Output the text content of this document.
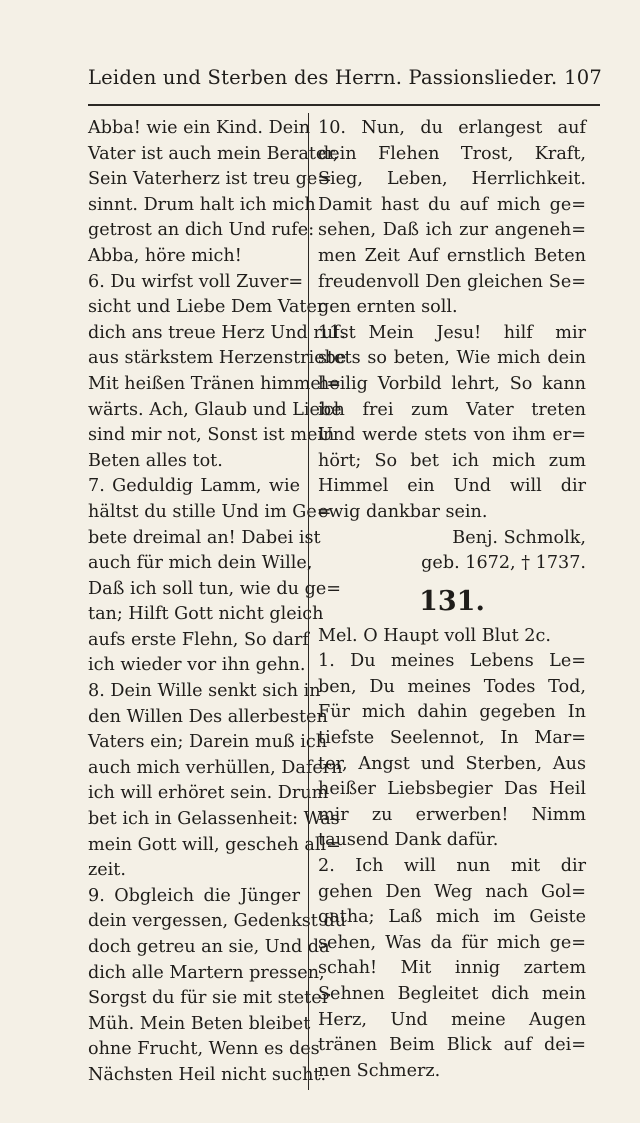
Leiden und Sterben des Herrn. Passionslieder. 107
Abba! wie ein Kind. Dein
Vater ist auch mein Berater,
Sein Vaterherz ist treu ge=
sinnt. Drum halt ich mich
getrost an dich Und rufe:
Abba, höre mich!
6. Du wirfst voll Zuver=
sicht und Liebe Dem Vater
dich ans treue Herz Und rufst
aus stärkstem Herzenstriebe
Mit heißen Tränen himmel=
wärts. Ach, Glaub und Liebe
sind mir not, Sonst ist mein
Beten alles tot.
7. Geduldig Lamm, wie
hältst du stille Und im Ge=
bete dreimal an! Dabei ist
auch für mich dein Wille,
Daß ich soll tun, wie du ge=
tan; Hilft Gott nicht gleich
aufs erste Flehn, So darf
ich wieder vor ihn gehn.
8. Dein Wille senkt sich in
den Willen Des allerbesten
Vaters ein; Darein muß ich
auch mich verhüllen, Dafern
ich will erhöret sein. Drum
bet ich in Gelassenheit: Was
mein Gott will, gescheh all=
zeit.
9. Obgleich die Jünger
dein vergessen, Gedenkst du
doch getreu an sie, Und da
dich alle Martern pressen,
Sorgst du für sie mit steter
Müh. Mein Beten bleibet
ohne Frucht, Wenn es des
Nächsten Heil nicht sucht.
10. Nun, du erlangest auf
dein Flehen Trost, Kraft,
Sieg, Leben, Herrlichkeit.
Damit hast du auf mich ge=
sehen, Daß ich zur angeneh=
men Zeit Auf ernstlich Beten
freudenvoll Den gleichen Se=
gen ernten soll.
11. Mein Jesu! hilf mir
stets so beten, Wie mich dein
heilig Vorbild lehrt, So kann
ich frei zum Vater treten
Und werde stets von ihm er=
hört; So bet ich mich zum
Himmel ein Und will dir
ewig dankbar sein.
Benj. Schmolk,
geb. 1672, † 1737.
131.
Mel. O Haupt voll Blut 2c.
1. Du meines Lebens Le=
ben, Du meines Todes Tod,
Für mich dahin gegeben In
tiefste Seelennot, In Mar=
ter, Angst und Sterben, Aus
heißer Liebsbegier Das Heil
mir zu erwerben! Nimm
tausend Dank dafür.
2. Ich will nun mit dir
gehen Den Weg nach Gol=
gatha; Laß mich im Geiste
sehen, Was da für mich ge=
schah! Mit innig zartem
Sehnen Begleitet dich mein
Herz, Und meine Augen
tränen Beim Blick auf dei=
nen Schmerz.
